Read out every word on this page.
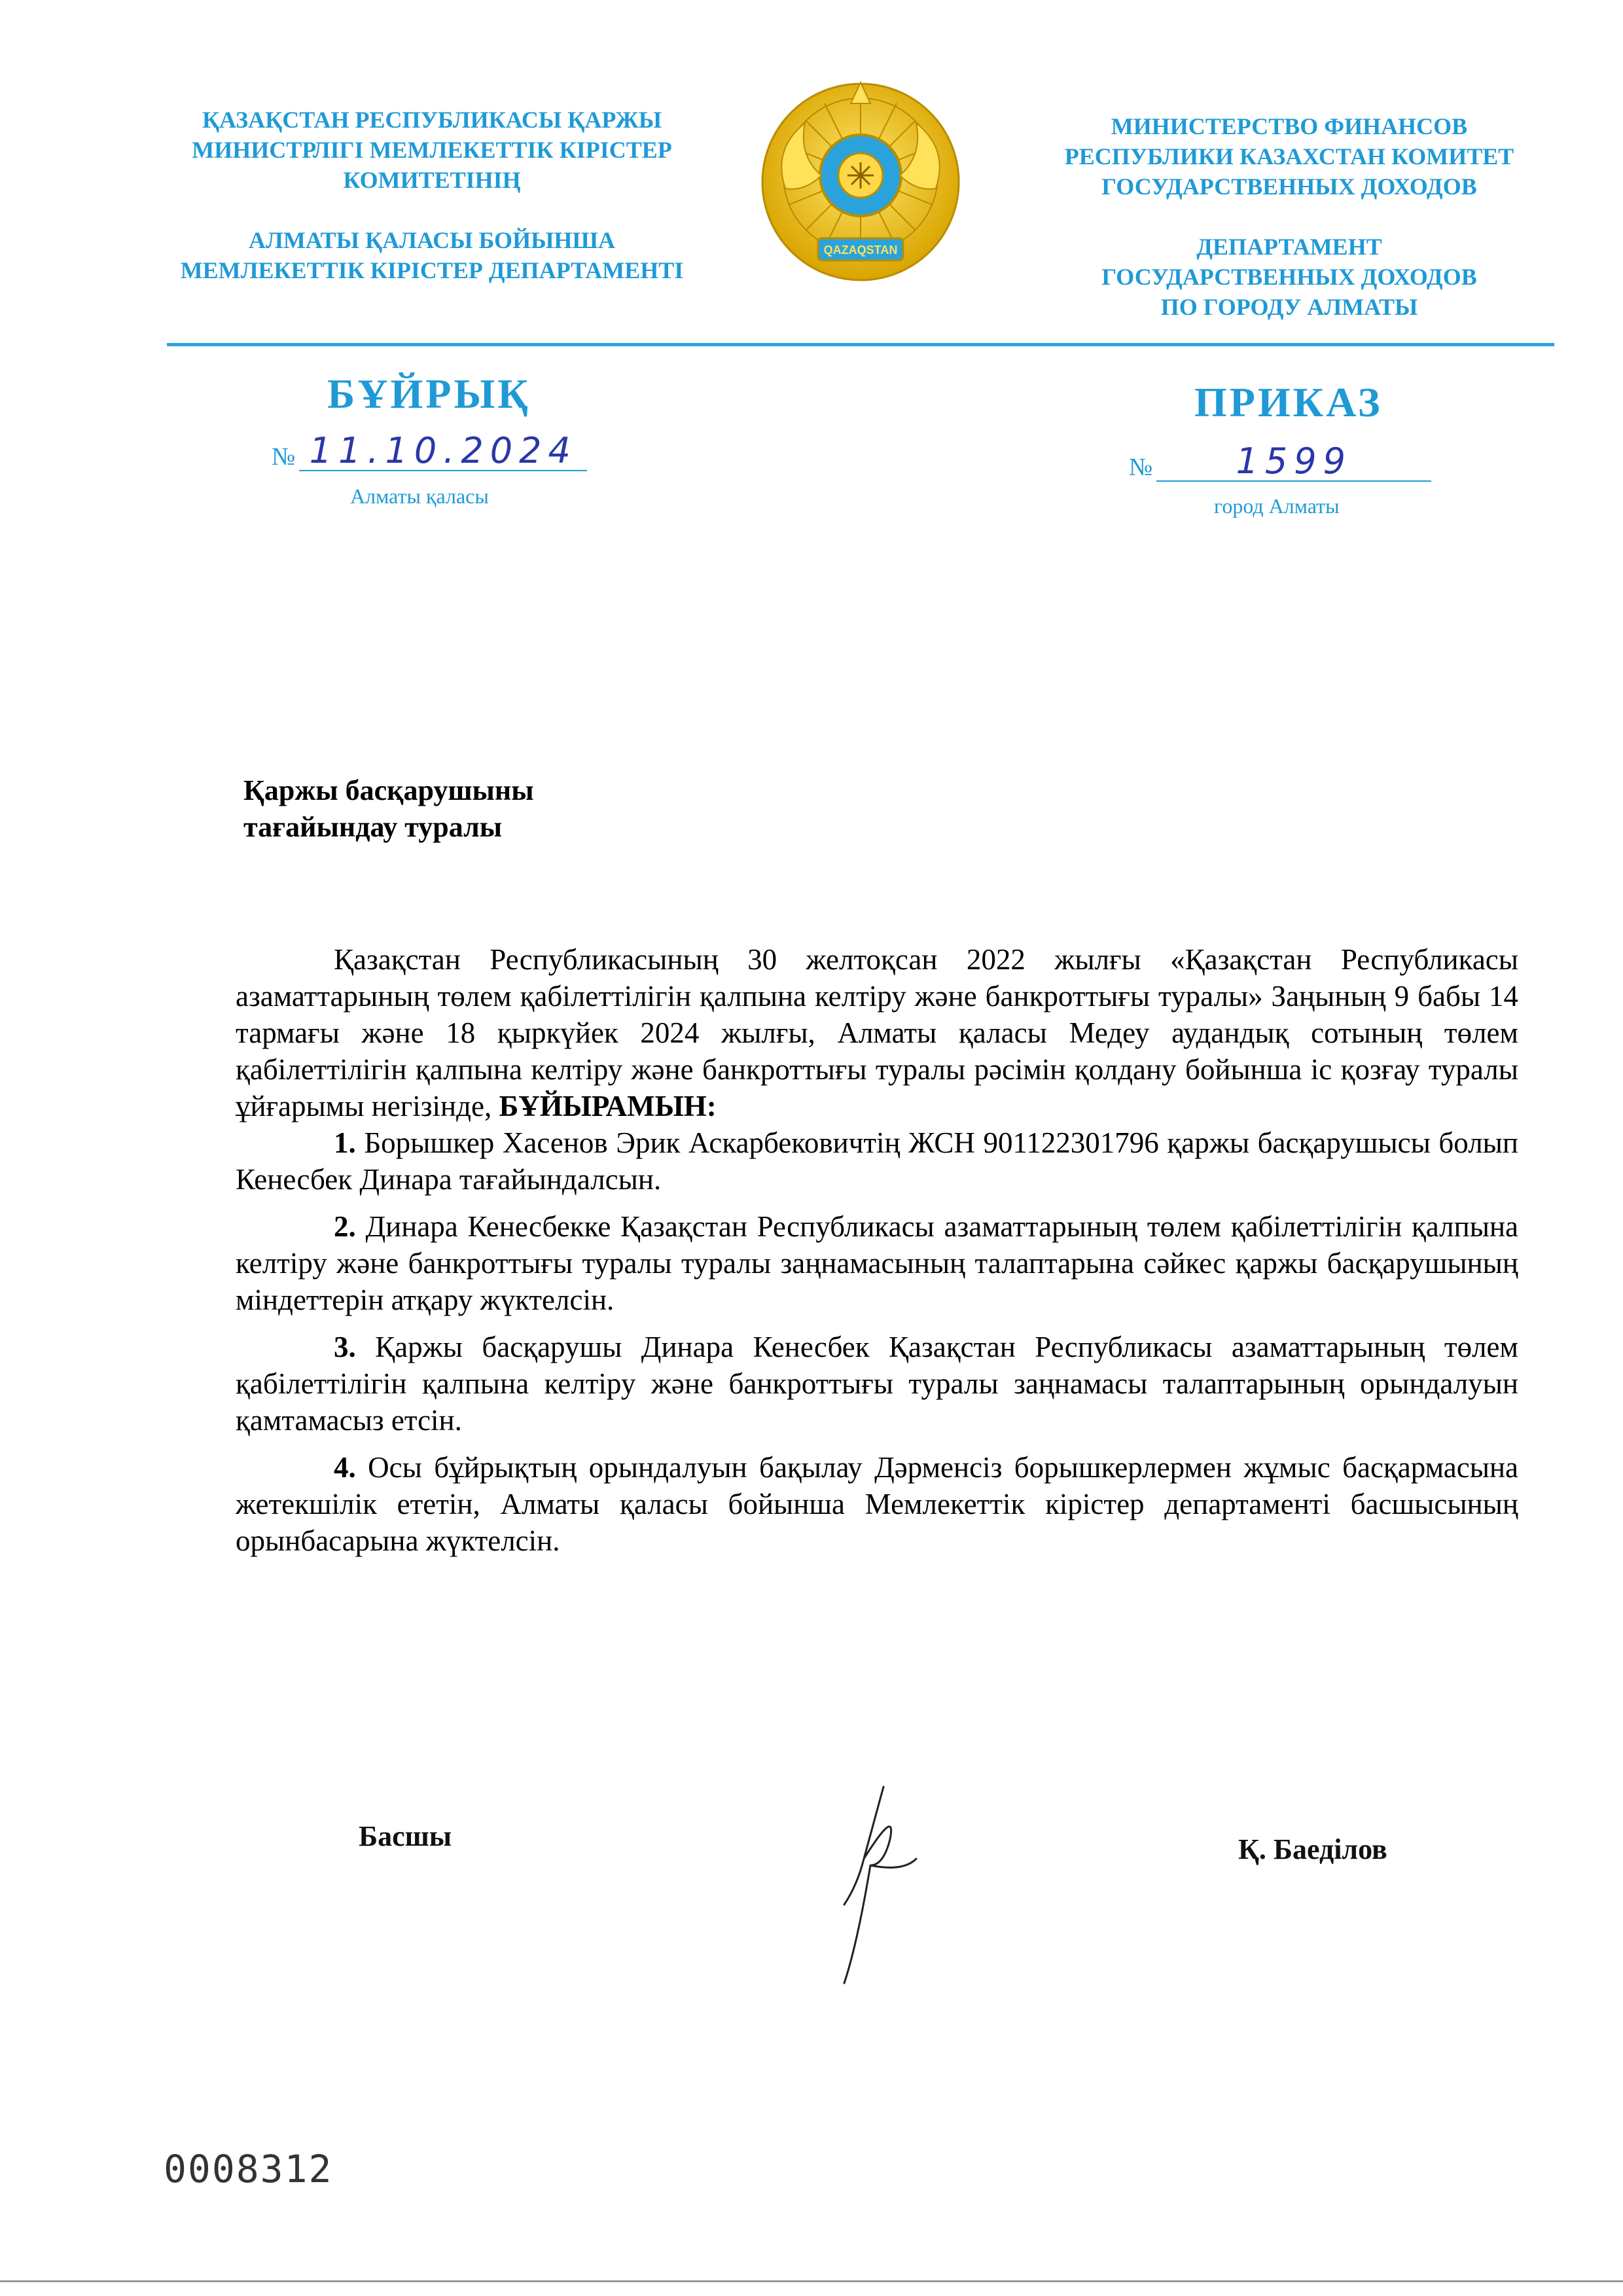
ҚАЗАҚСТАН РЕСПУБЛИКАСЫ ҚАРЖЫ
МИНИСТРЛІГІ МЕМЛЕКЕТТІК КІРІСТЕР
КОМИТЕТІНІҢ
АЛМАТЫ ҚАЛАСЫ БОЙЫНША
МЕМЛЕКЕТТІК КІРІСТЕР ДЕПАРТАМЕНТІ
QAZAQSTAN
МИНИСТЕРСТВО ФИНАНСОВ
РЕСПУБЛИКИ КАЗАХСТАН КОМИТЕТ
ГОСУДАРСТВЕННЫХ ДОХОДОВ
ДЕПАРТАМЕНТ
ГОСУДАРСТВЕННЫХ ДОХОДОВ
ПО ГОРОДУ АЛМАТЫ
БҰЙРЫҚ	ПРИКАЗ
№ 11.10.2024
Алматы қаласы
№ 1599
город Алматы
Қаржы басқарушыны
тағайындау туралы

Қазақстан Республикасының 30 желтоқсан 2022 жылғы «Қазақстан Республикасы азаматтарының төлем қабілеттілігін қалпына келтіру және банкроттығы туралы» Заңының 9 бабы 14 тармағы және 18 қыркүйек 2024 жылғы, Алматы қаласы Медеу аудандық сотының төлем қабілеттілігін қалпына келтіру және банкроттығы туралы рәсімін қолдану бойынша іс қозғау туралы ұйғарымы негізінде, БҰЙЫРАМЫН:

1. Борышкер Хасенов Эрик Аскарбековичтің ЖСН 901122301796 қаржы басқарушысы болып Кенесбек Динара тағайындалсын.

2. Динара Кенесбекке Қазақстан Республикасы азаматтарының төлем қабілеттілігін қалпына келтіру және банкроттығы туралы туралы заңнамасының талаптарына сәйкес қаржы басқарушының міндеттерін атқару жүктелсін.

3. Қаржы басқарушы Динара Кенесбек Қазақстан Республикасы азаматтарының төлем қабілеттілігін қалпына келтіру және банкроттығы туралы заңнамасы талаптарының орындалуын қамтамасыз етсін.

4. Осы бұйрықтың орындалуын бақылау Дәрменсіз борышкерлермен жұмыс басқармасына жетекшілік ететін, Алматы қаласы бойынша Мемлекеттік кірістер департаменті басшысының орынбасарына жүктелсін.

Басшы	Қ. Баеділов
0008312
